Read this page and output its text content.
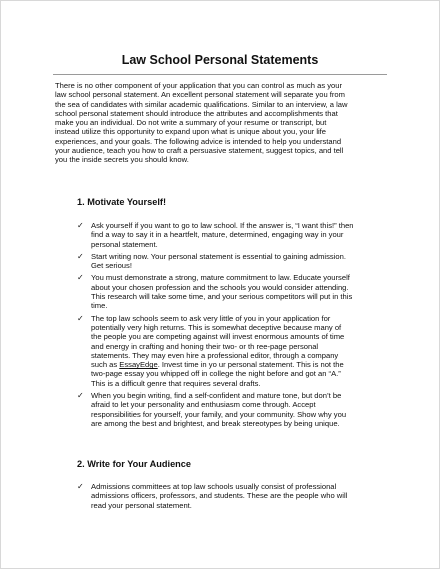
Law School Personal Statements
There is no other component of your application that you can control as much as your
law school personal statement. An excellent personal statement will separate you from
the sea of candidates with similar academic qualifications. Similar to an interview, a law
school personal statement should introduce the attributes and accomplishments that
make you an individual. Do not write a summary of your resume or transcript, but
instead utilize this opportunity to expand upon what is unique about you, your life
experiences, and your goals. The following advice is intended to help you understand
your audience, teach you how to craft a persuasive statement, suggest topics, and tell
you the inside secrets you should know.
1. Motivate Yourself!
✓ Ask yourself if you want to go to law school. If the answer is, “I want this!” then
find a way to say it in a heartfelt, mature, determined, engaging way in your
personal statement.
✓ Start writing now. Your personal statement is essential to gaining admission.
Get serious!
✓ You must demonstrate a strong, mature commitment to law. Educate yourself
about your chosen profession and the schools you would consider attending.
This research will take some time, and your serious competitors will put in this
time.
✓ The top law schools seem to ask very little of you in your application for
potentially very high returns. This is somewhat deceptive because many of
the people you are competing against will invest enormous amounts of time
and energy in crafting and honing their two- or th ree-page personal
statements. They may even hire a professional editor, through a company
such as EssayEdge. Invest time in yo ur personal statement. This is not the
two-page essay you whipped off in college the night before and got an “A.”
This is a difficult genre that requires several drafts.
✓ When you begin writing, find a self-confident and mature tone, but don’t be
afraid to let your personality and enthusiasm come through. Accept
responsibilities for yourself, your family, and your community. Show why you
are among the best and brightest, and break stereotypes by being unique.
2. Write for Your Audience
✓ Admissions committees at top law schools usually consist of professional
admissions officers, professors, and students. These are the people who will
read your personal statement.
